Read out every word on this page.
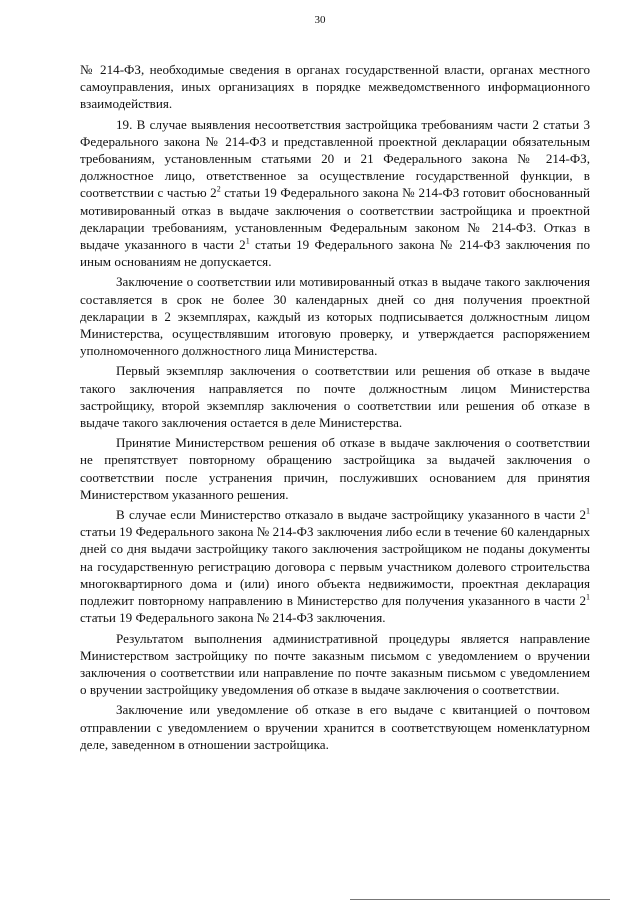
30

№ 214-ФЗ, необходимые сведения в органах государственной власти, органах местного самоуправления, иных организациях в порядке межведомственного информационного взаимодействия.

19. В случае выявления несоответствия застройщика требованиям части 2 статьи 3 Федерального закона № 214-ФЗ и представленной проектной декларации обязательным требованиям, установленным статьями 20 и 21 Федерального закона № 214-ФЗ, должностное лицо, ответственное за осуществление государственной функции, в соответствии с частью $2^2$ статьи 19 Федерального закона № 214-ФЗ готовит обоснованный мотивированный отказ в выдаче заключения о соответствии застройщика и проектной декларации требованиям, установленным Федеральным законом № 214-ФЗ. Отказ в выдаче указанного в части $2^1$ статьи 19 Федерального закона № 214-ФЗ заключения по иным основаниям не допускается.

Заключение о соответствии или мотивированный отказ в выдаче такого заключения составляется в срок не более 30 календарных дней со дня получения проектной декларации в 2 экземплярах, каждый из которых подписывается должностным лицом Министерства, осуществлявшим итоговую проверку, и утверждается распоряжением уполномоченного должностного лица Министерства.

Первый экземпляр заключения о соответствии или решения об отказе в выдаче такого заключения направляется по почте должностным лицом Министерства застройщику, второй экземпляр заключения о соответствии или решения об отказе в выдаче такого заключения остается в деле Министерства.

Принятие Министерством решения об отказе в выдаче заключения о соответствии не препятствует повторному обращению застройщика за выдачей заключения о соответствии после устранения причин, послуживших основанием для принятия Министерством указанного решения.

В случае если Министерство отказало в выдаче застройщику указанного в части $2^1$ статьи 19 Федерального закона № 214-ФЗ заключения либо если в течение 60 календарных дней со дня выдачи застройщику такого заключения застройщиком не поданы документы на государственную регистрацию договора с первым участником долевого строительства многоквартирного дома и (или) иного объекта недвижимости, проектная декларация подлежит повторному направлению в Министерство для получения указанного в части $2^1$ статьи 19 Федерального закона № 214-ФЗ заключения.

Результатом выполнения административной процедуры является направление Министерством застройщику по почте заказным письмом с уведомлением о вручении заключения о соответствии или направление по почте заказным письмом с уведомлением о вручении застройщику уведомления об отказе в выдаче заключения о соответствии.

Заключение или уведомление об отказе в его выдаче с квитанцией о почтовом отправлении с уведомлением о вручении хранится в соответствующем номенклатурном деле, заведенном в отношении застройщика.
